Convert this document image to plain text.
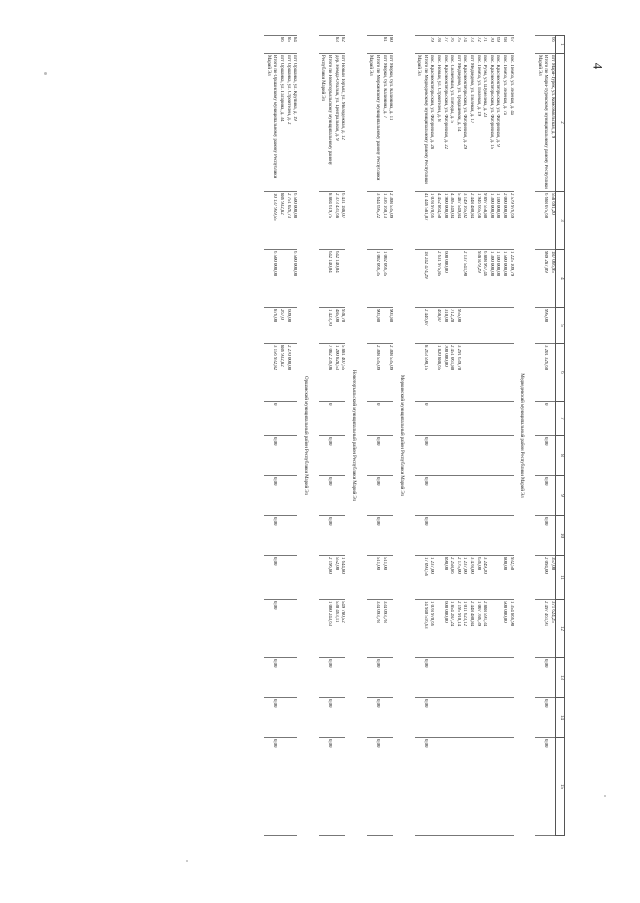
4
1	2	3	4	5	6	7	8	9	10	11	12	13	14	15
66	пгт Мари-Турек, ул. Комсомольская, д. 9	558 691,20	187 066,95							357,00	371 624,25			
	Итого по Мари-Турекскому муниципальному району Республики Марий Эл	6 688 075,60	989 287,09	995,00	3 201 326,60	0	0,00	0,00	0,00	2 094,00	2 497 461,91	0,00	0,00	0,00

Медведевский муниципальный район Республики Марий Эл														
67	пос. Пемба, ул. Зеленая, д. 4а	2 579 976,69	1 225 109,79							932,50	1 354 866,90			
68	пос. Пемба, ул. Зеленая, д. 7а	2 000 000,00	1 500 000,00							800,00	500 000,00			
69	пос. Краснооктябрьский, ул. Фабричная, д. 9	1 100 000,00	1 100 000,00											
70	пос. Краснооктябрьский, ул. Фабричная, д. 15	1 300 000,00	1 300 000,00											
71	пос. Руэм, ул. Шумелева, д. 23	9 897 558,80	6 808 967,46							3 249,20	2 888 591,34			
72	пос. Пемба, ул. Полевая, д. 19	1 946 665,68	938 879,29							636,00	1 007 786,39			
73	пгт Медведево, ул. Полевая, д. 17	2 448 480,84								3 478,00	2 448 480,84			
74	пос. Краснооктябрьский, ул. Фабричная, д. 29	3 149 165,02	2 137 541,90							1 237,00	1 011 623,12			
75	пгт Медведево, ул. Тродашевой, д. 14	5 487 549,84		955,00	3 291 639,70					2 175,00	2 195 910,14			
76	пос. Солнечный, ул. Победы, д. 5	4 305 349,04		712,20	2 451 061,80					2 258,86	1 854 287,24			
77	пос. Краснооктябрьский, ул. Фабричная, д. 22	1 900 000,00	600 000,00	310,00	700 000,00					890,00	600 000,00			
78	пос. Новый, ул. Строителей, д. 8	4 452 864,50	2 631 975,85	468,87	1 820 888,65									
79	пос. Краснооктябрьский, ул. Фабричная, д. 28	1 078 970,66								1 237,00	1 078 970,66			
	Итого по Медведевскому муниципальному району Республики Марий Эл	41 446 581,07	18 242 474,29	2 446,07	8 263 590,15	0	0,00	0,00	0,00	17 093,56	14 940 516,63	0,00	0,00	0,00

Моркинский муниципальный район Республики Марий Эл														
80	пгт Морки, бул. Калинина, д. 11	2 308 535,09		901,80	2 308 535,09									
81	пгт Морки, бул. Калинина, д. 7	1 336 160,13	1 002 066,35							511,00	334 093,78			
	Итого по Моркинскому муниципальному району Республики Марий Эл	3 644 695,22	1 002 066,35	901,80	2 308 535,09	0	0,00	0,00	0,00	511,00	334 093,78	0,00	0,00	0,00

Новоторъяльский муниципальный район Республики Марий Эл														
82	пгт Новый Торъял, ул. Молодежная, д. 12	6 431 188,07		938,70	5 881 407,55					1 644,80	549 780,52			
83	дер. Немда-Обалык, ул. Центральная, д. 9	2 373 431,68	642 140,04	485,00	1 200 828,53					552,00	530 463,11			
	Итого по Новоторъяльскому муниципальному району Республики Марий Эл	8 804 619,75	642 140,04	1 423,70	7 082 236,08	0	0,00	0,00	0,00	2 196,80	1 080 243,63	0,00	0,00	0,00

Оршанский муниципальный район Республики Марий Эл														
84	пгт Оршанка, ул. Крупина, д. 19	6 500 000,00	6 500 000,00											
85	пгт Оршанка, ул. Строителей, д. 2	2 751 026,73		609,00	2 270 000,00									
86	пгт Оршанка, ул. Гагарина, д. 34	886 932,82		267,0	886 932,82									
	Итого по Оршанскому муниципальному району Республики Марий Эл	10 137 959,55	6 500 000,00	876,00	3 156 932,82	0	0,00	0,00	0,00	0,00	0,00	0,00	0,00	0,00
